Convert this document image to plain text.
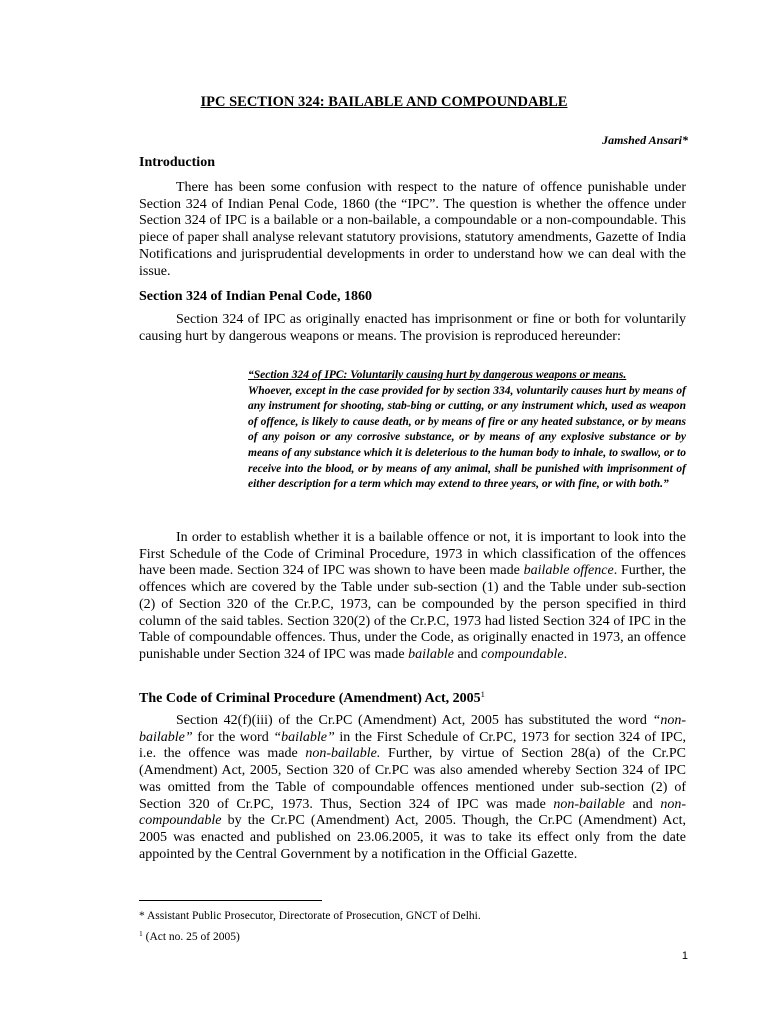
IPC SECTION 324: BAILABLE AND COMPOUNDABLE
Jamshed Ansari*
Introduction

There has been some confusion with respect to the nature of offence punishable under Section 324 of Indian Penal Code, 1860 (the “IPC”. The question is whether the offence under Section 324 of IPC is a bailable or a non-bailable, a compoundable or a non-compoundable. This piece of paper shall analyse relevant statutory provisions, statutory amendments, Gazette of India Notifications and jurisprudential developments in order to understand how we can deal with the issue.

Section 324 of Indian Penal Code, 1860

Section 324 of IPC as originally enacted has imprisonment or fine or both for voluntarily causing hurt by dangerous weapons or means. The provision is reproduced hereunder:

“Section 324 of IPC: Voluntarily causing hurt by dangerous weapons or means.
Whoever, except in the case provided for by section 334, voluntarily causes hurt by means of any instrument for shooting, stab-bing or cutting, or any instrument which, used as weapon of offence, is likely to cause death, or by means of fire or any heated substance, or by means of any poison or any corrosive substance, or by means of any explosive substance or by means of any substance which it is deleterious to the human body to inhale, to swallow, or to receive into the blood, or by means of any animal, shall be punished with imprisonment of either description for a term which may extend to three years, or with fine, or with both.”

In order to establish whether it is a bailable offence or not, it is important to look into the First Schedule of the Code of Criminal Procedure, 1973 in which classification of the offences have been made. Section 324 of IPC was shown to have been made bailable offence. Further, the offences which are covered by the Table under sub-section (1) and the Table under sub-section (2) of Section 320 of the Cr.P.C, 1973, can be compounded by the person specified in third column of the said tables. Section 320(2) of the Cr.P.C, 1973 had listed Section 324 of IPC in the Table of compoundable offences. Thus, under the Code, as originally enacted in 1973, an offence punishable under Section 324 of IPC was made bailable and compoundable.

The Code of Criminal Procedure (Amendment) Act, 2005$^1$

Section 42(f)(iii) of the Cr.PC (Amendment) Act, 2005 has substituted the word “non-bailable” for the word “bailable” in the First Schedule of Cr.PC, 1973 for section 324 of IPC, i.e. the offence was made non-bailable. Further, by virtue of Section 28(a) of the Cr.PC (Amendment) Act, 2005, Section 320 of Cr.PC was also amended whereby Section 324 of IPC was omitted from the Table of compoundable offences mentioned under sub-section (2) of Section 320 of Cr.PC, 1973. Thus, Section 324 of IPC was made non-bailable and non-compoundable by the Cr.PC (Amendment) Act, 2005. Though, the Cr.PC (Amendment) Act, 2005 was enacted and published on 23.06.2005, it was to take its effect only from the date appointed by the Central Government by a notification in the Official Gazette.

* Assistant Public Prosecutor, Directorate of Prosecution, GNCT of Delhi.
$^1$ (Act no. 25 of 2005)
1
